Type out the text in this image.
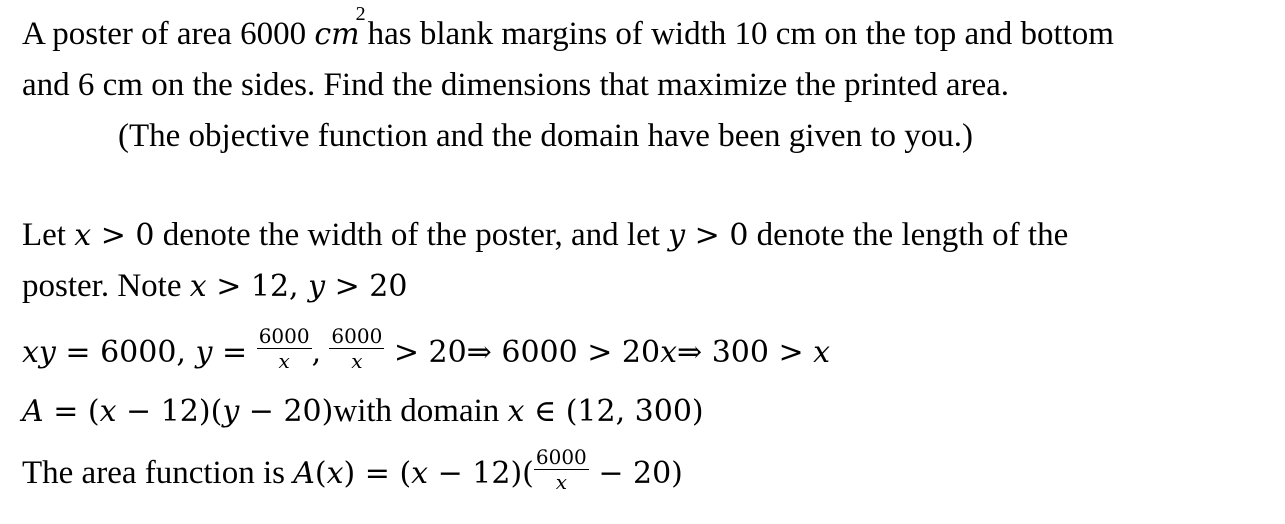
A poster of area 6000 $cm^2has$ blank margins of width 10 cm on the top and bottom
and 6 cm on the sides. Find the dimensions that maximize the printed area.
(The objective function and the domain have been given to you.)
Let x > 0 denote the width of the poster, and let y > 0 denote the length of the
poster. Note x > 12, y > 20
xy = 6000, $y = \frac{6000}{x}$ , $\frac{6000}{x}$ > 20⇒ 6000 > 20x⇒ 300 > x
A = (x − 12)(y − 20)with domain x ∈ (12, 300)
The area function is $A(x) = (x - 12)( \frac{6000}{x} - 20)$
